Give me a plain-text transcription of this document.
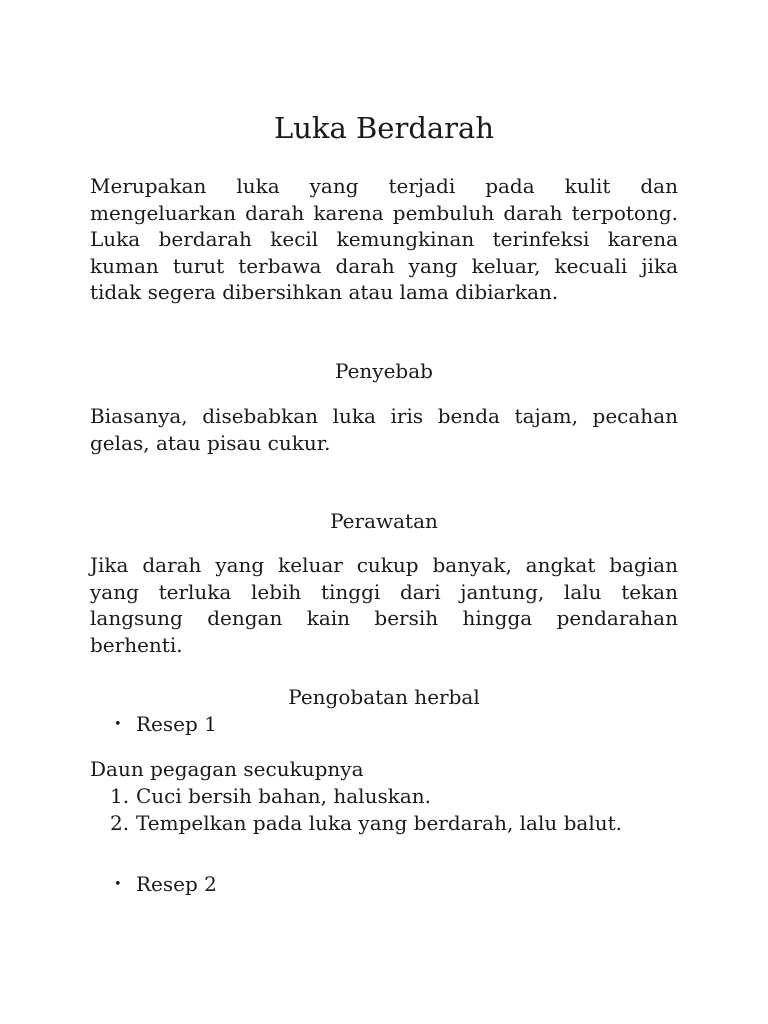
Luka Berdarah

Merupakan luka yang terjadi pada kulit dan mengeluarkan darah karena pembuluh darah terpotong. Luka berdarah kecil kemungkinan terinfeksi karena kuman turut terbawa darah yang keluar, kecuali jika tidak segera dibersihkan atau lama dibiarkan.

Penyebab

Biasanya, disebabkan luka iris benda tajam, pecahan gelas, atau pisau cukur.

Perawatan

Jika darah yang keluar cukup banyak, angkat bagian yang terluka lebih tinggi dari jantung, lalu tekan langsung dengan kain bersih hingga pendarahan berhenti.

Pengobatan herbal
• Resep 1

Daun pegagan secukupnya

1. Cuci bersih bahan, haluskan.
2. Tempelkan pada luka yang berdarah, lalu balut.
• Resep 2
